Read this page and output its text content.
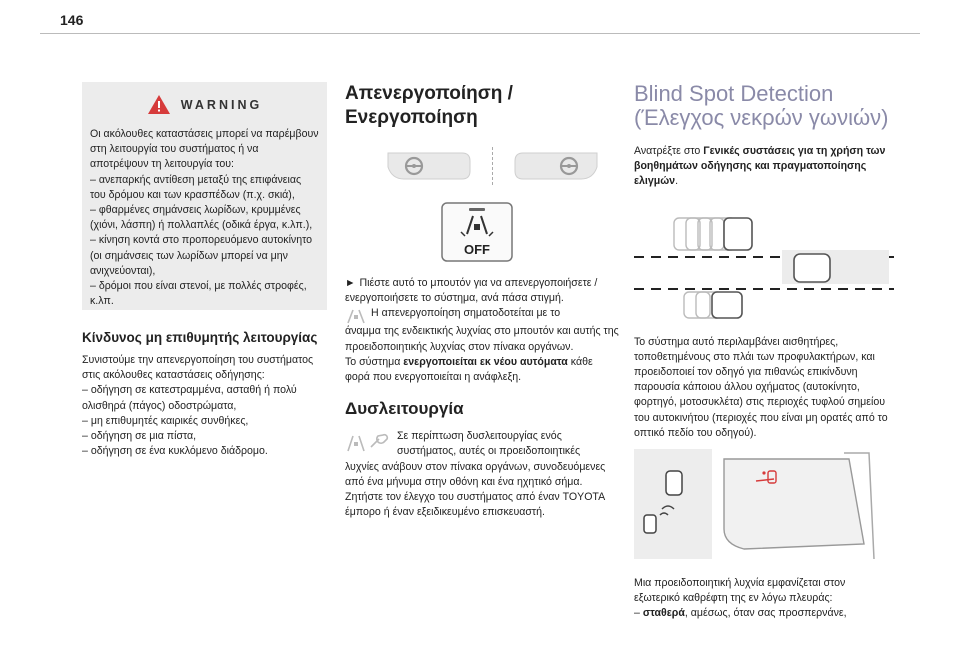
146
WARNING

Οι ακόλουθες καταστάσεις μπορεί να παρέμβουν στη λειτουργία του συστήματος ή να αποτρέψουν τη λειτουργία του:

– ανεπαρκής αντίθεση μεταξύ της επιφάνειας του δρόμου και των κρασπέδων (π.χ. σκιά),
– φθαρμένες σημάνσεις λωρίδων, κρυμμένες (χιόνι, λάσπη) ή πολλαπλές (οδικά έργα, κ.λπ.),
– κίνηση κοντά στο προπορευόμενο αυτοκίνητο (οι σημάνσεις των λωρίδων μπορεί να μην ανιχνεύονται),
– δρόμοι που είναι στενοί, με πολλές στροφές, κ.λπ.
Κίνδυνος μη επιθυμητής λειτουργίας

Συνιστούμε την απενεργοποίηση του συστήματος στις ακόλουθες καταστάσεις οδήγησης:

– οδήγηση σε κατεστραμμένα, ασταθή ή πολύ ολισθηρά (πάγος) οδοστρώματα,
– μη επιθυμητές καιρικές συνθήκες,
– οδήγηση σε μια πίστα,
– οδήγηση σε ένα κυκλόμενο διάδρομο.
Απενεργοποίηση /
Ενεργοποίηση
OFF

► Πιέστε αυτό το μπουτόν για να απενεργοποιήσετε / ενεργοποιήσετε το σύστημα, ανά πάσα στιγμή.

Η απενεργοποίηση σηματοδοτείται με το

άναμμα της ενδεικτικής λυχνίας στο μπουτόν και αυτής της προειδοποιητικής λυχνίας στον πίνακα οργάνων.

Το σύστημα ενεργοποιείται εκ νέου αυτόματα κάθε φορά που ενεργοποιείται η ανάφλεξη.

Δυσλειτουργία

Σε περίπτωση δυσλειτουργίας ενός
συστήματος, αυτές οι προειδοποιητικές

λυχνίες ανάβουν στον πίνακα οργάνων, συνοδευόμενες από ένα μήνυμα στην οθόνη και ένα ηχητικό σήμα.

Ζητήστε τον έλεγχο του συστήματος από έναν TOYOTA έμπορο ή έναν εξειδικευμένο επισκευαστή.

Blind Spot Detection
(Έλεγχος νεκρών γωνιών)

Ανατρέξτε στο Γενικές συστάσεις για τη χρήση των βοηθημάτων οδήγησης και πραγματοποίησης ελιγμών.

Το σύστημα αυτό περιλαμβάνει αισθητήρες, τοποθετημένους στο πλάι των προφυλακτήρων, και προειδοποιεί τον οδηγό για πιθανώς επικίνδυνη παρουσία κάποιου άλλου οχήματος (αυτοκίνητο, φορτηγό, μοτοσυκλέτα) στις περιοχές τυφλού σημείου του αυτοκινήτου (περιοχές που είναι μη ορατές από το οπτικό πεδίο του οδηγού).

Μια προειδοποιητική λυχνία εμφανίζεται στον εξωτερικό καθρέφτη της εν λόγω πλευράς:

– σταθερά, αμέσως, όταν σας προσπερνάνε,
